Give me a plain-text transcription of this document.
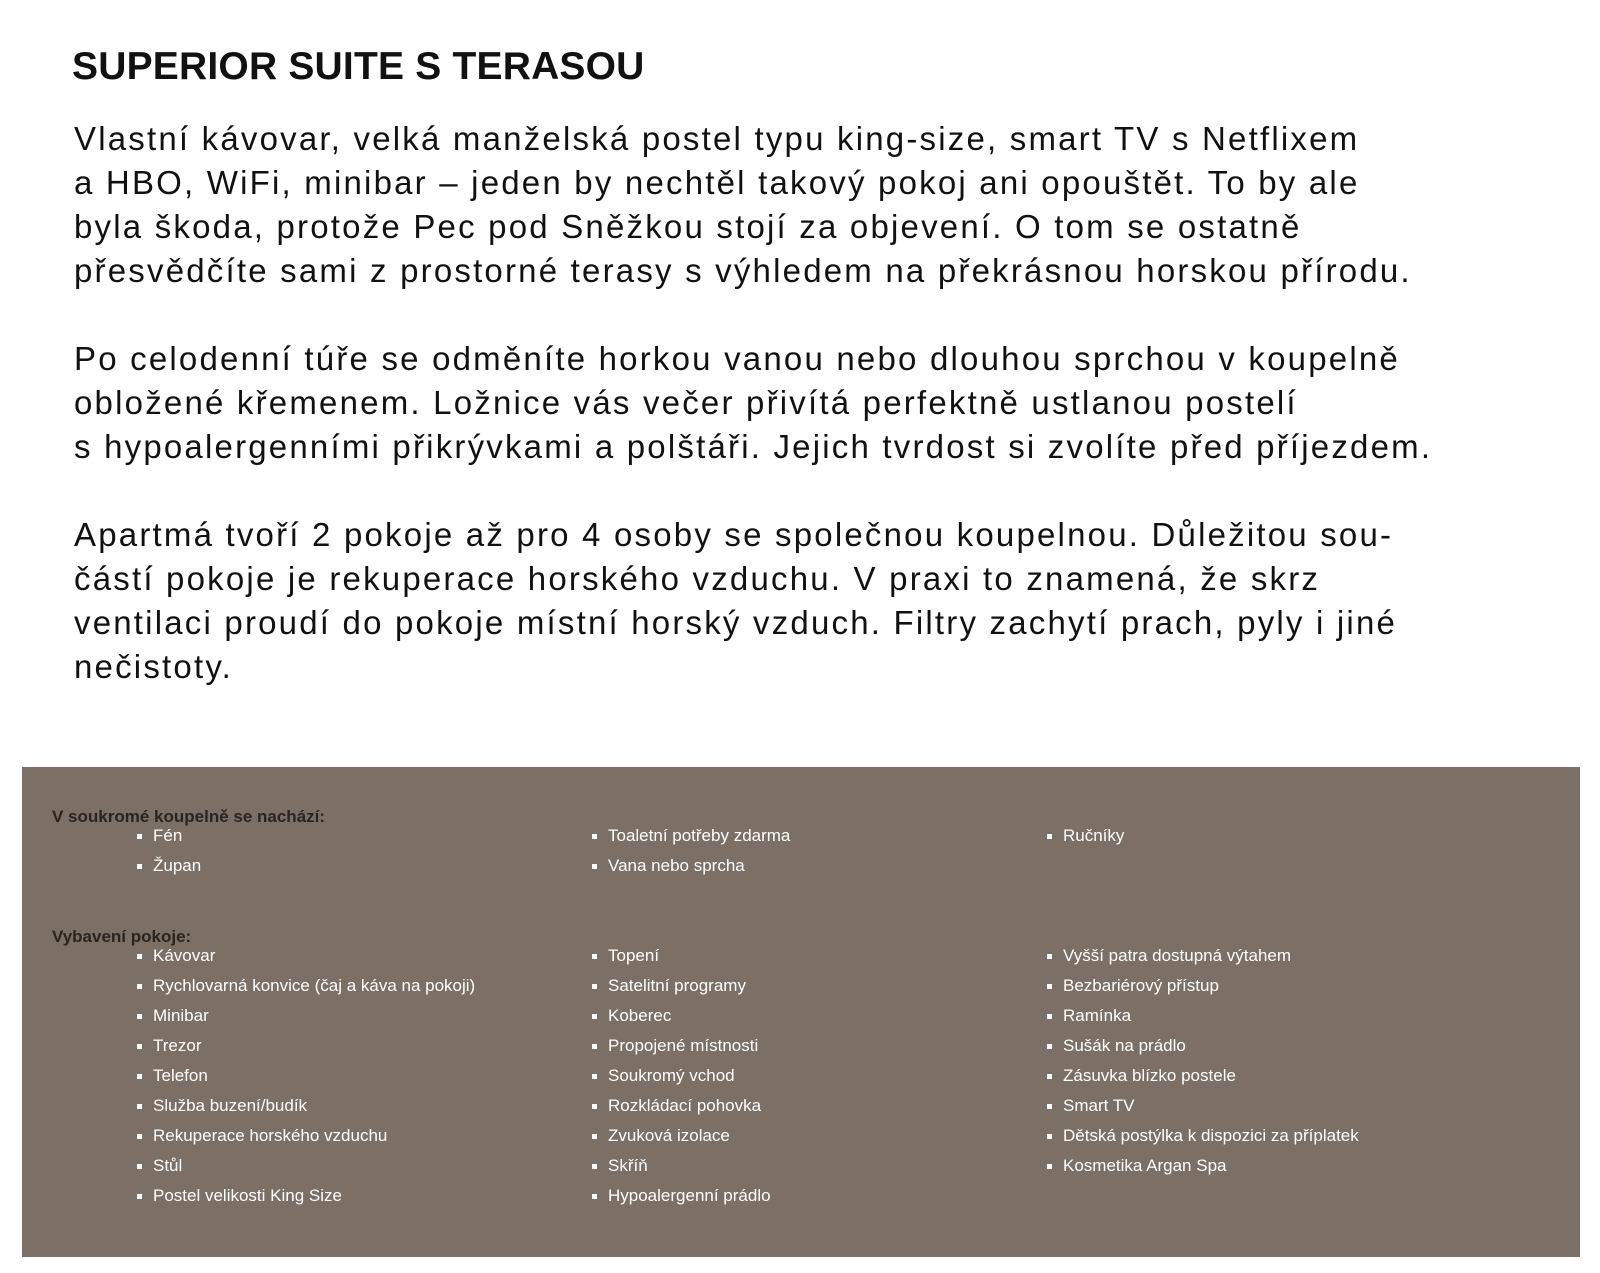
SUPERIOR SUITE S TERASOU

Vlastní kávovar, velká manželská postel typu king-size, smart TV s Netflixem
a HBO, WiFi, minibar – jeden by nechtěl takový pokoj ani opouštět. To by ale
byla škoda, protože Pec pod Sněžkou stojí za objevení. O tom se ostatně
přesvědčíte sami z prostorné terasy s výhledem na překrásnou horskou přírodu.

Po celodenní túře se odměníte horkou vanou nebo dlouhou sprchou v koupelně
obložené křemenem. Ložnice vás večer přivítá perfektně ustlanou postelí
s hypoalergenními přikrývkami a polštáři. Jejich tvrdost si zvolíte před příjezdem.

Apartmá tvoří 2 pokoje až pro 4 osoby se společnou koupelnou. Důležitou sou-
částí pokoje je rekuperace horského vzduchu. V praxi to znamená, že skrz
ventilaci proudí do pokoje místní horský vzduch. Filtry zachytí prach, pyly i jiné
nečistoty.

V soukromé koupelně se nachází:
Fén
Župan
Toaletní potřeby zdarma
Vana nebo sprcha
Ručníky
Vybavení pokoje:
Kávovar
Rychlovarná konvice (čaj a káva na pokoji)
Minibar
Trezor
Telefon
Služba buzení/budík
Rekuperace horského vzduchu
Stůl
Postel velikosti King Size
Topení
Satelitní programy
Koberec
Propojené místnosti
Soukromý vchod
Rozkládací pohovka
Zvuková izolace
Skříň
Hypoalergenní prádlo
Vyšší patra dostupná výtahem
Bezbariérový přístup
Ramínka
Sušák na prádlo
Zásuvka blízko postele
Smart TV
Dětská postýlka k dispozici za příplatek
Kosmetika Argan Spa
